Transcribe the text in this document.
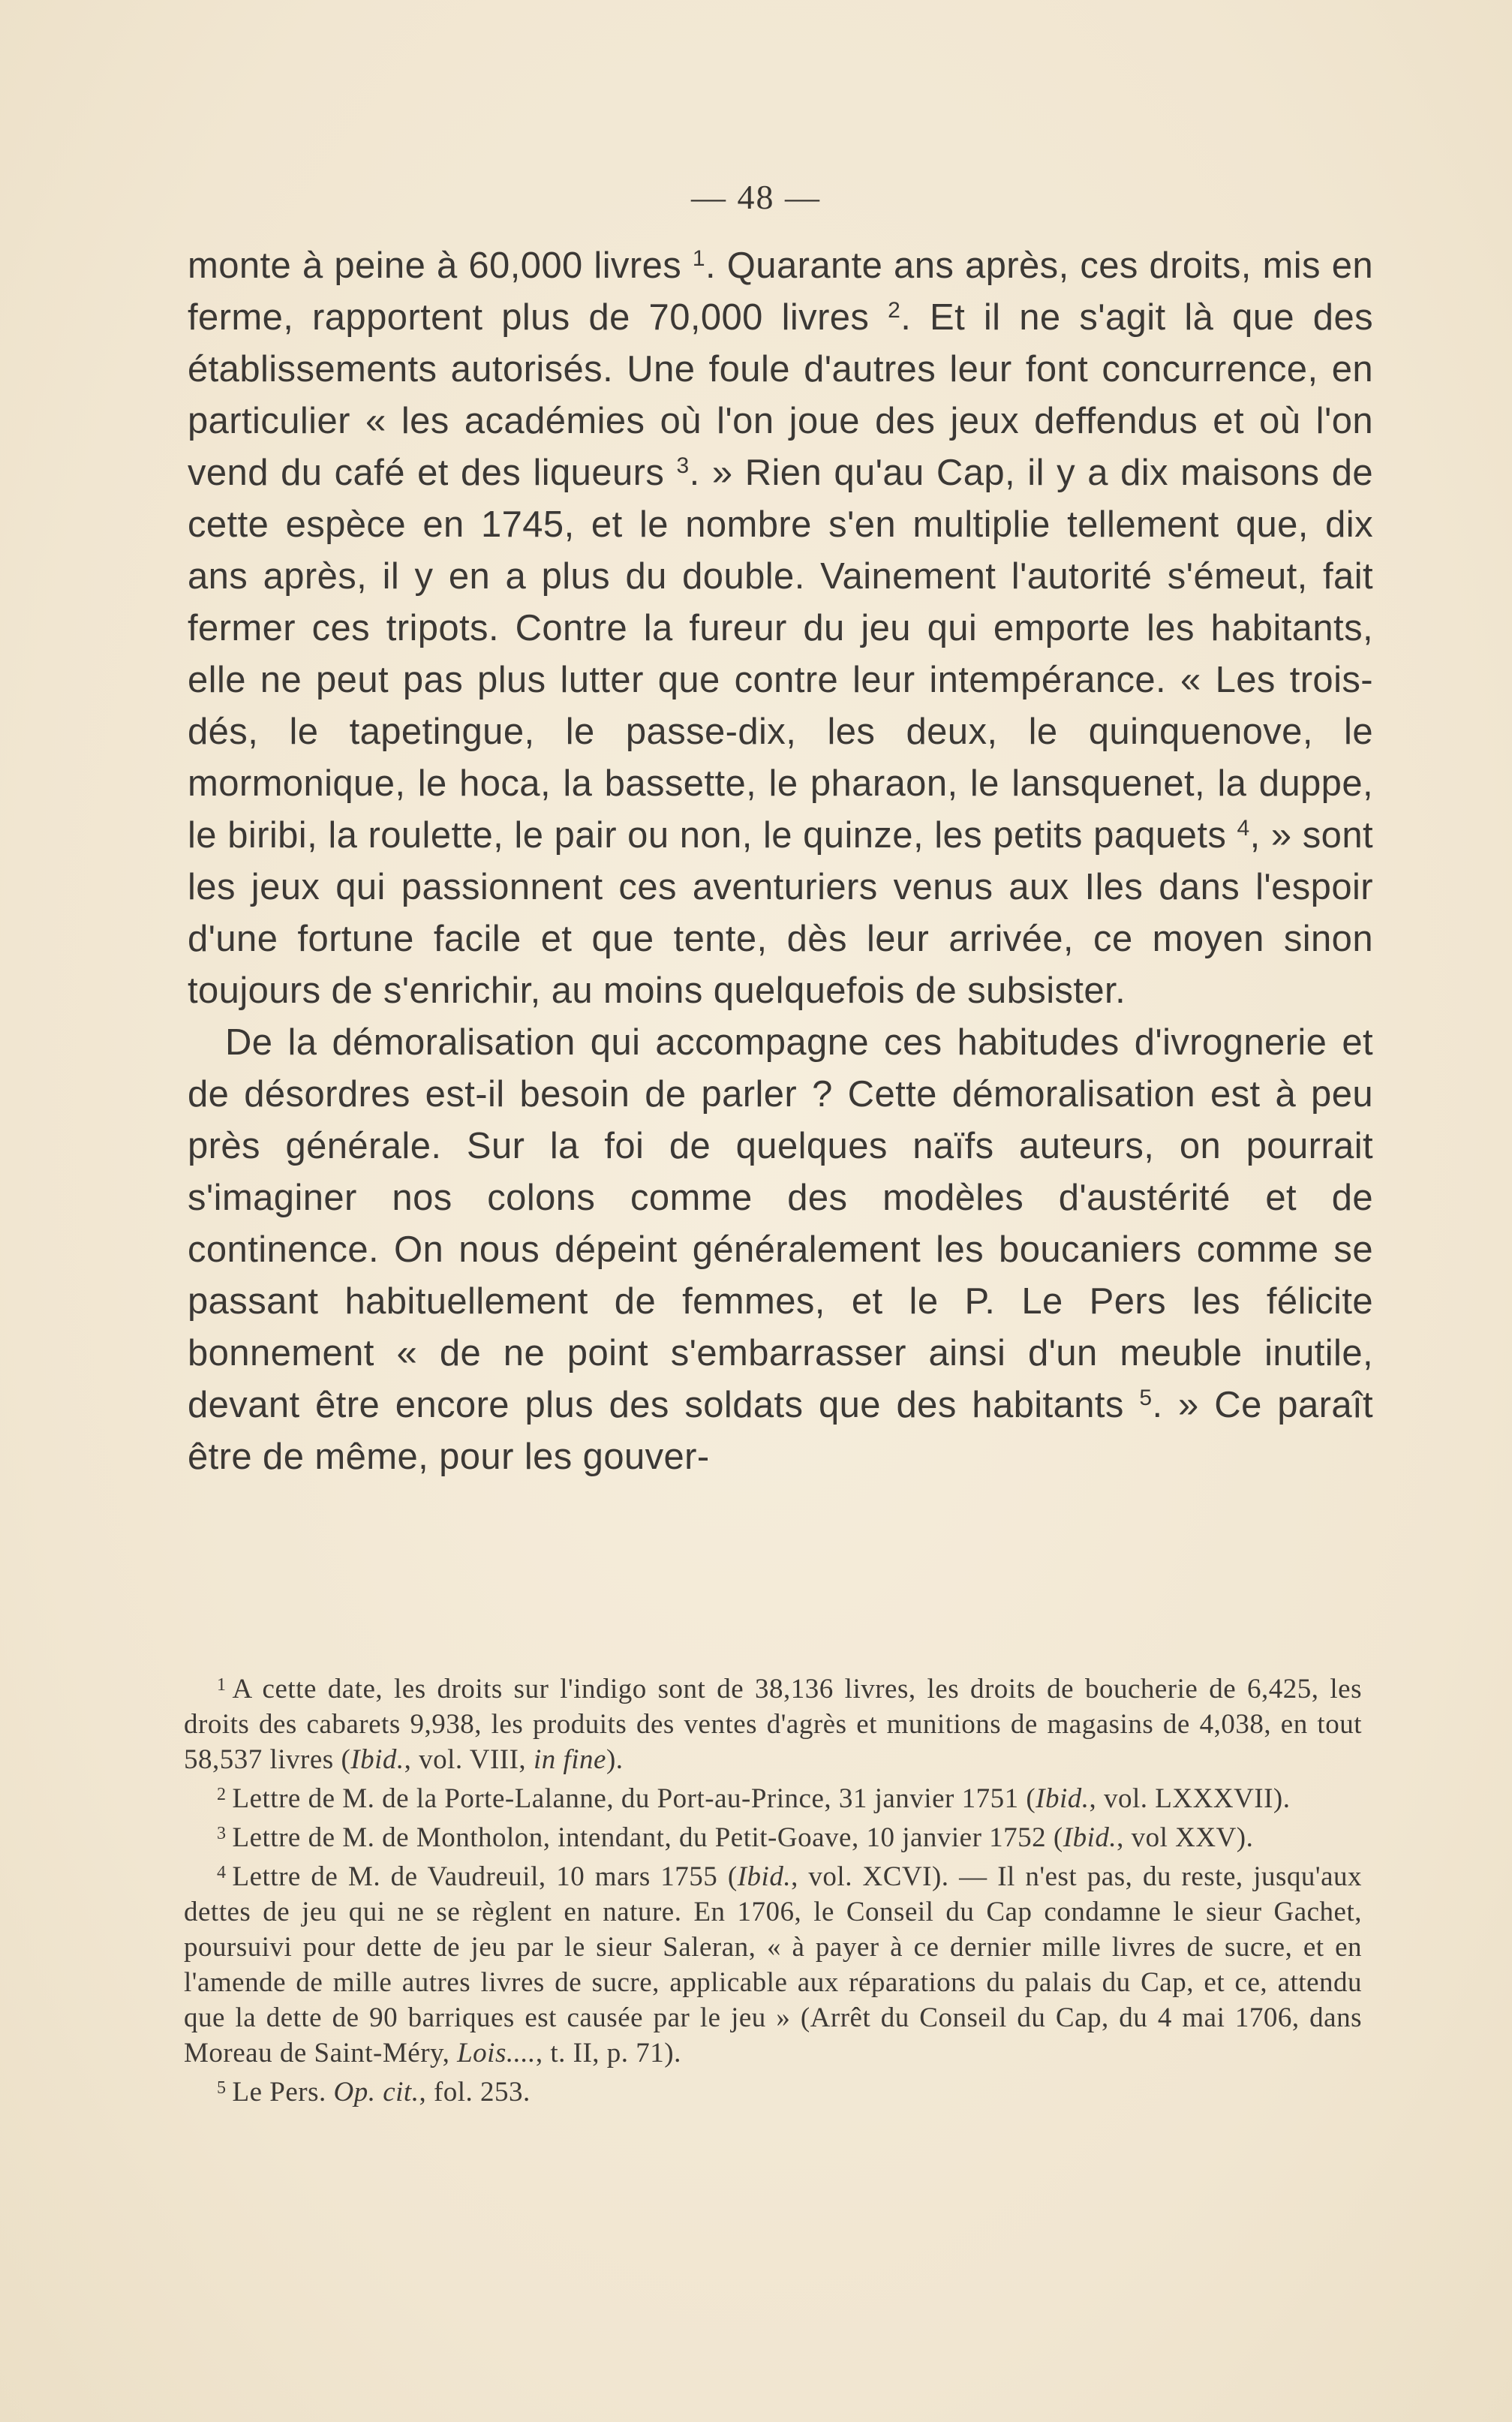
— 48 —

monte à peine à 60,000 livres $^1$. Quarante ans après, ces droits, mis en ferme, rapportent plus de 70,000 livres $^2$. Et il ne s'agit là que des établissements autorisés. Une foule d'autres leur font concurrence, en particulier « les académies où l'on joue des jeux deffendus et où l'on vend du café et des liqueurs $^3$. » Rien qu'au Cap, il y a dix maisons de cette espèce en 1745, et le nombre s'en multiplie tellement que, dix ans après, il y en a plus du double. Vainement l'autorité s'émeut, fait fermer ces tripots. Contre la fureur du jeu qui emporte les habitants, elle ne peut pas plus lutter que contre leur intempérance. « Les trois-dés, le tapetingue, le passe-dix, les deux, le quinquenove, le mormonique, le hoca, la bassette, le pharaon, le lansquenet, la duppe, le biribi, la roulette, le pair ou non, le quinze, les petits paquets $^4$, » sont les jeux qui passionnent ces aventuriers venus aux Iles dans l'espoir d'une fortune facile et que tente, dès leur arrivée, ce moyen sinon toujours de s'enrichir, au moins quelquefois de subsister.

De la démoralisation qui accompagne ces habitudes d'ivrognerie et de désordres est-il besoin de parler ? Cette démoralisation est à peu près générale. Sur la foi de quelques naïfs auteurs, on pourrait s'imaginer nos colons comme des modèles d'austérité et de continence. On nous dépeint généralement les boucaniers comme se passant habituellement de femmes, et le P. Le Pers les félicite bonnement « de ne point s'embarrasser ainsi d'un meuble inutile, devant être encore plus des soldats que des habitants $^5$. » Ce paraît être de même, pour les gouver-

$^1$ A cette date, les droits sur l'indigo sont de 38,136 livres, les droits de boucherie de 6,425, les droits des cabarets 9,938, les produits des ventes d'agrès et munitions de magasins de 4,038, en tout 58,537 livres (Ibid., vol. VIII, in fine).

$^2$ Lettre de M. de la Porte-Lalanne, du Port-au-Prince, 31 janvier 1751 (Ibid., vol. LXXXVII).

$^3$ Lettre de M. de Montholon, intendant, du Petit-Goave, 10 janvier 1752 (Ibid., vol XXV).

$^4$ Lettre de M. de Vaudreuil, 10 mars 1755 (Ibid., vol. XCVI). — Il n'est pas, du reste, jusqu'aux dettes de jeu qui ne se règlent en nature. En 1706, le Conseil du Cap condamne le sieur Gachet, poursuivi pour dette de jeu par le sieur Saleran, « à payer à ce dernier mille livres de sucre, et en l'amende de mille autres livres de sucre, applicable aux réparations du palais du Cap, et ce, attendu que la dette de 90 barriques est causée par le jeu » (Arrêt du Conseil du Cap, du 4 mai 1706, dans Moreau de Saint-Méry, Lois...., t. II, p. 71).

$^5$ Le Pers. Op. cit., fol. 253.
